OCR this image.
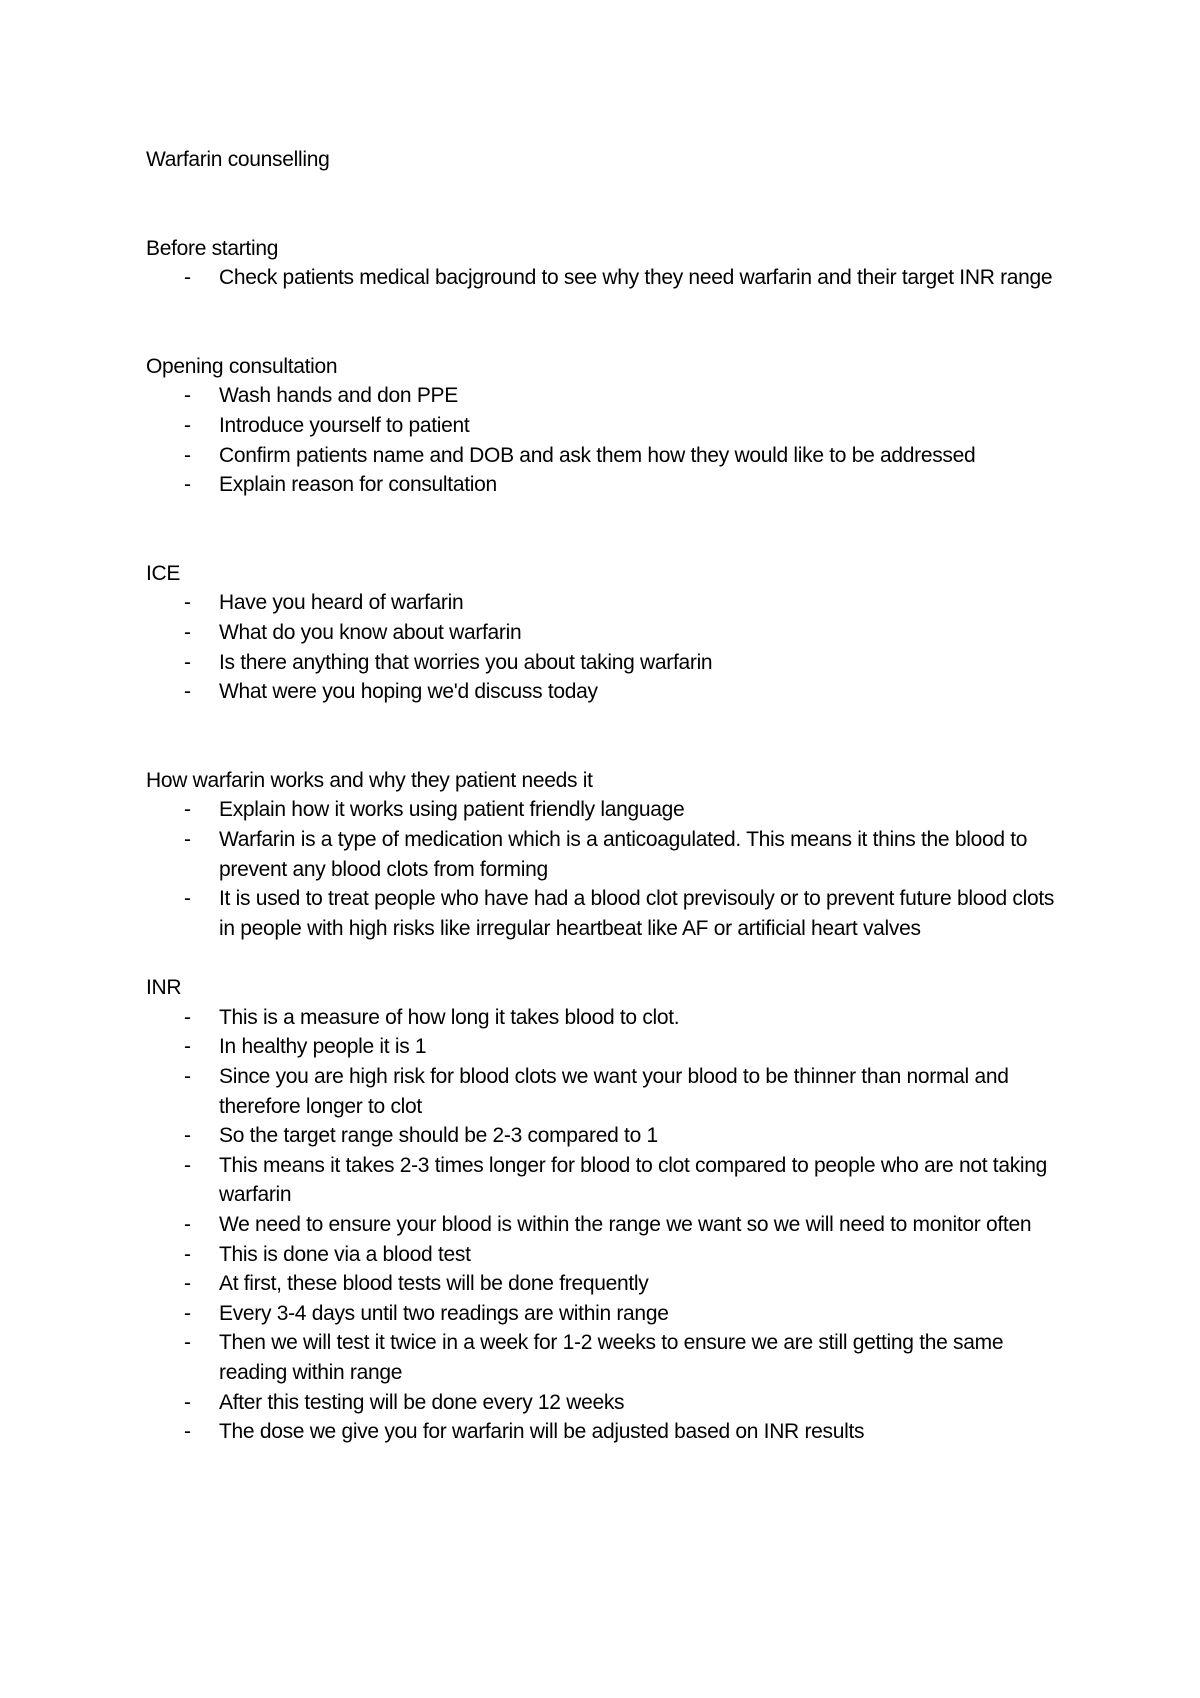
Warfarin counselling
Before starting
- Check patients medical bacjground to see why they need warfarin and their target INR range
Opening consultation
- Wash hands and don PPE
- Introduce yourself to patient
- Confirm patients name and DOB and ask them how they would like to be addressed
- Explain reason for consultation
ICE
- Have you heard of warfarin
- What do you know about warfarin
- Is there anything that worries you about taking warfarin
- What were you hoping we'd discuss today
How warfarin works and why they patient needs it
- Explain how it works using patient friendly language
- Warfarin is a type of medication which is a anticoagulated. This means it thins the blood to prevent any blood clots from forming
- It is used to treat people who have had a blood clot previsouly or to prevent future blood clots in people with high risks like irregular heartbeat like AF or artificial heart valves
INR
- This is a measure of how long it takes blood to clot.
- In healthy people it is 1
- Since you are high risk for blood clots we want your blood to be thinner than normal and therefore longer to clot
- So the target range should be 2-3 compared to 1
- This means it takes 2-3 times longer for blood to clot compared to people who are not taking warfarin
- We need to ensure your blood is within the range we want so we will need to monitor often
- This is done via a blood test
- At first, these blood tests will be done frequently
- Every 3-4 days until two readings are within range
- Then we will test it twice in a week for 1-2 weeks to ensure we are still getting the same reading within range
- After this testing will be done every 12 weeks
- The dose we give you for warfarin will be adjusted based on INR results
